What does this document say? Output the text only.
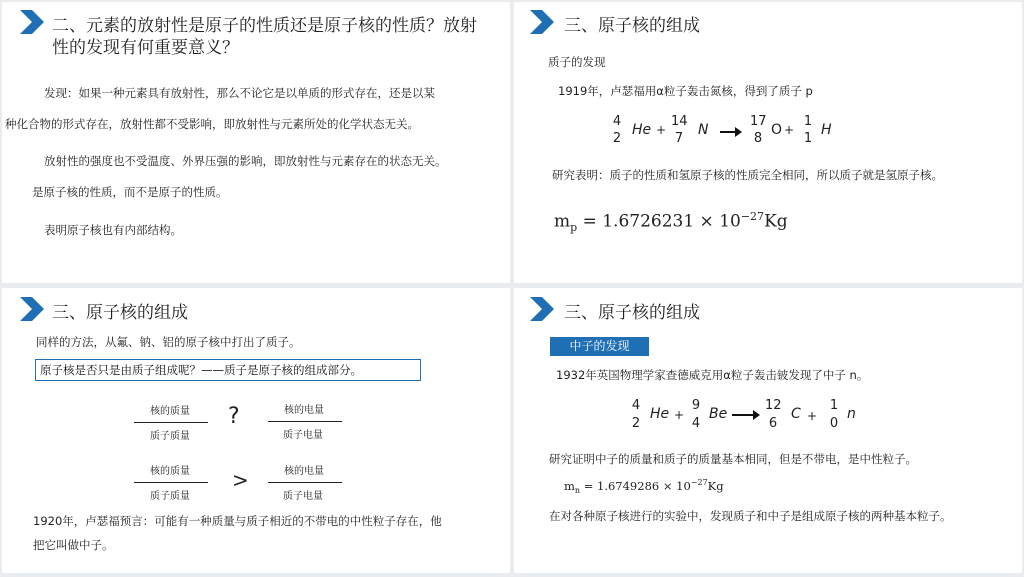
二、元素的放射性是原子的性质还是原子核的性质？放射
性的发现有何重要意义？
发现：如果一种元素具有放射性，那么不论它是以单质的形式存在，还是以某
种化合物的形式存在，放射性都不受影响，即放射性与元素所处的化学状态无关。
放射性的强度也不受温度、外界压强的影响，即放射性与元素存在的状态无关。
是原子核的性质，而不是原子的性质。
表明原子核也有内部结构。
三、原子核的组成
质子的发现
1919年，卢瑟福用α粒子轰击氮核，得到了质子 p
4
2
He +
14
7
N →
17
8
O +
1
1
H
研究表明：质子的性质和氢原子核的性质完全相同，所以质子就是氢原子核。
$m_p = 1.6726231 \times 10^{-27}Kg$
三、原子核的组成
同样的方法，从氟、钠、铝的原子核中打出了质子。
原子核是否只是由质子组成呢？——质子是原子核的组成部分。
核的质量
质子质量
?	核的电量
质子电量
核的质量
质子质量
>	核的电量
质子电量
1920年，卢瑟福预言：可能有一种质量与质子相近的不带电的中性粒子存在，他
把它叫做中子。
三、原子核的组成
中子的发现
1932年英国物理学家查德威克用α粒子轰击铍发现了中子 n。
4
2
He +
9
4
Be →
12
6
C +
1
0
n
研究证明中子的质量和质子的质量基本相同，但是不带电，是中性粒子。
$m_n = 1.6749286 \times 10^{-27}Kg$
在对各种原子核进行的实验中，发现质子和中子是组成原子核的两种基本粒子。
